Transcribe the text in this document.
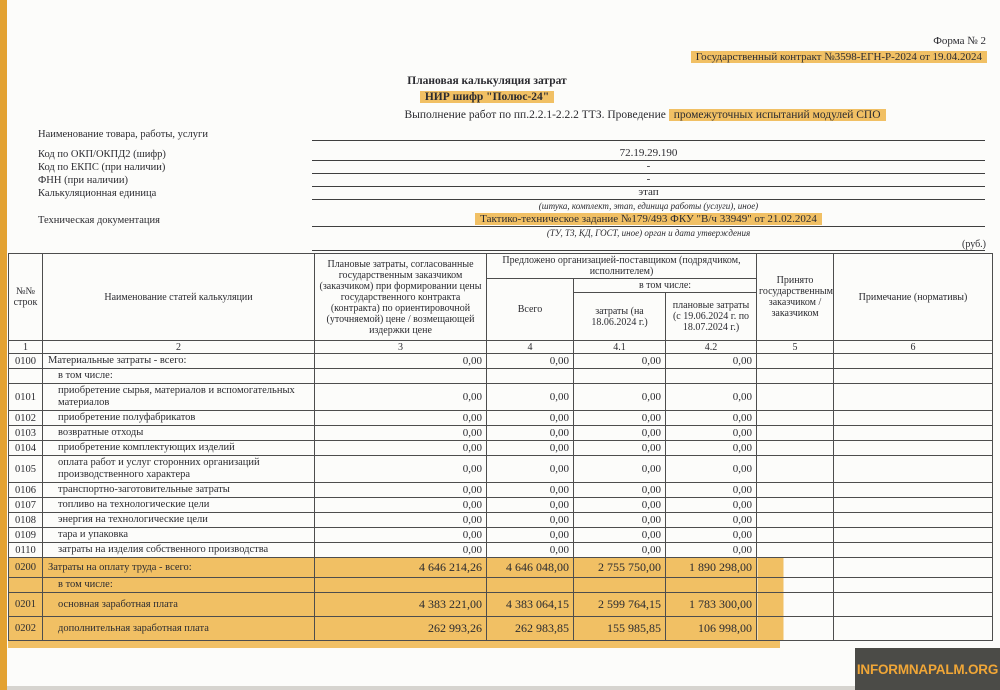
Форма № 2
Государственный контракт №3598-ЕГН-Р-2024 от 19.04.2024
Плановая калькуляция затрат
НИР шифр "Полюс-24"
Выполнение работ по пп.2.2.1-2.2.2 ТТЗ. Проведение промежуточных испытаний модулей СПО
Наименование товара, работы, услуги
Код по ОКП/ОКПД2 (шифр)	72.19.29.190
Код по ЕКПС (при наличии)	-
ФНН (при наличии)	-
Калькуляционная единица	этап
(штука, комплект, этап, единица работы (услуги), иное)
Техническая документация	Тактико-техническое задание №179/493 ФКУ "В/ч 33949" от 21.02.2024
(ТУ, ТЗ, КД, ГОСТ, иное) орган и дата утверждения
(руб.)
№№ строк	Наименование статей калькуляции	Плановые затраты, согласованные государственным заказчиком (заказчиком) при формировании цены государственного контракта (контракта) по ориентировочной (уточняемой) цене / возмещающей издержки цене	Предложено организацией-поставщиком (подрядчиком, исполнителем)			Принято государственным заказчиком / заказчиком	Примечание (нормативы)
			Всего	в том числе:			
				затраты (на 18.06.2024 г.)	плановые затраты (с 19.06.2024 г. по 18.07.2024 г.)		
1	2	3	4	4.1	4.2	5	6
0100	Материальные затраты - всего:	0,00	0,00	0,00	0,00		
	в том числе:						
0101	приобретение сырья, материалов и вспомогательных материалов	0,00	0,00	0,00	0,00		
0102	приобретение полуфабрикатов	0,00	0,00	0,00	0,00		
0103	возвратные отходы	0,00	0,00	0,00	0,00		
0104	приобретение комплектующих изделий	0,00	0,00	0,00	0,00		
0105	оплата работ и услуг сторонних организаций производственного характера	0,00	0,00	0,00	0,00		
0106	транспортно-заготовительные затраты	0,00	0,00	0,00	0,00		
0107	топливо на технологические цели	0,00	0,00	0,00	0,00		
0108	энергия на технологические цели	0,00	0,00	0,00	0,00		
0109	тара и упаковка	0,00	0,00	0,00	0,00		
0110	затраты на изделия собственного производства	0,00	0,00	0,00	0,00		
0200	Затраты на оплату труда - всего:	4 646 214,26	4 646 048,00	2 755 750,00	1 890 298,00		
	в том числе:						
0201	основная заработная плата	4 383 221,00	4 383 064,15	2 599 764,15	1 783 300,00		
0202	дополнительная заработная плата	262 993,26	262 983,85	155 985,85	106 998,00		
INFORMNAPALM.ORG
